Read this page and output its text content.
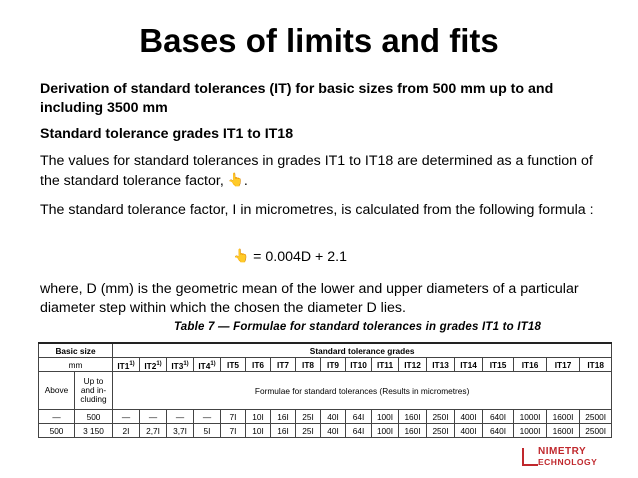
Bases of limits and fits
Derivation of standard tolerances (IT) for basic sizes from 500 mm up to and including 3500 mm
Standard tolerance grades IT1 to IT18
The values for standard tolerances in grades IT1 to IT18 are determined as a function of the standard tolerance factor, 👆.
The standard tolerance factor, I in micrometres, is calculated from the following formula :
👆 = 0.004D + 2.1
where, D (mm) is the geometric mean of the lower and upper diameters of a particular diameter step within which the chosen the diameter D lies.
Table 7 — Formulae for standard tolerances in grades IT1 to IT18
Basic size		Standard tolerance grades																	
mm		IT1$^{1)}$	IT2$^{1)}$	IT3$^{1)}$	IT4$^{1)}$	IT5	IT6	IT7	IT8	IT9	IT10	IT11	IT12	IT13	IT14	IT15	IT16	IT17	IT18
Above	Up to and in-cluding	Formulae for standard tolerances (Results in micrometres)																	
—	500	—	—	—	—	7I	10I	16I	25I	40I	64I	100I	160I	250I	400I	640I	1000I	1600I	2500I
500	3 150	2I	2,7I	3,7I	5I	7I	10I	16I	25I	40I	64I	100I	160I	250I	400I	640I	1000I	1600I	2500I
NIMETRY
ECHNOLOGY
